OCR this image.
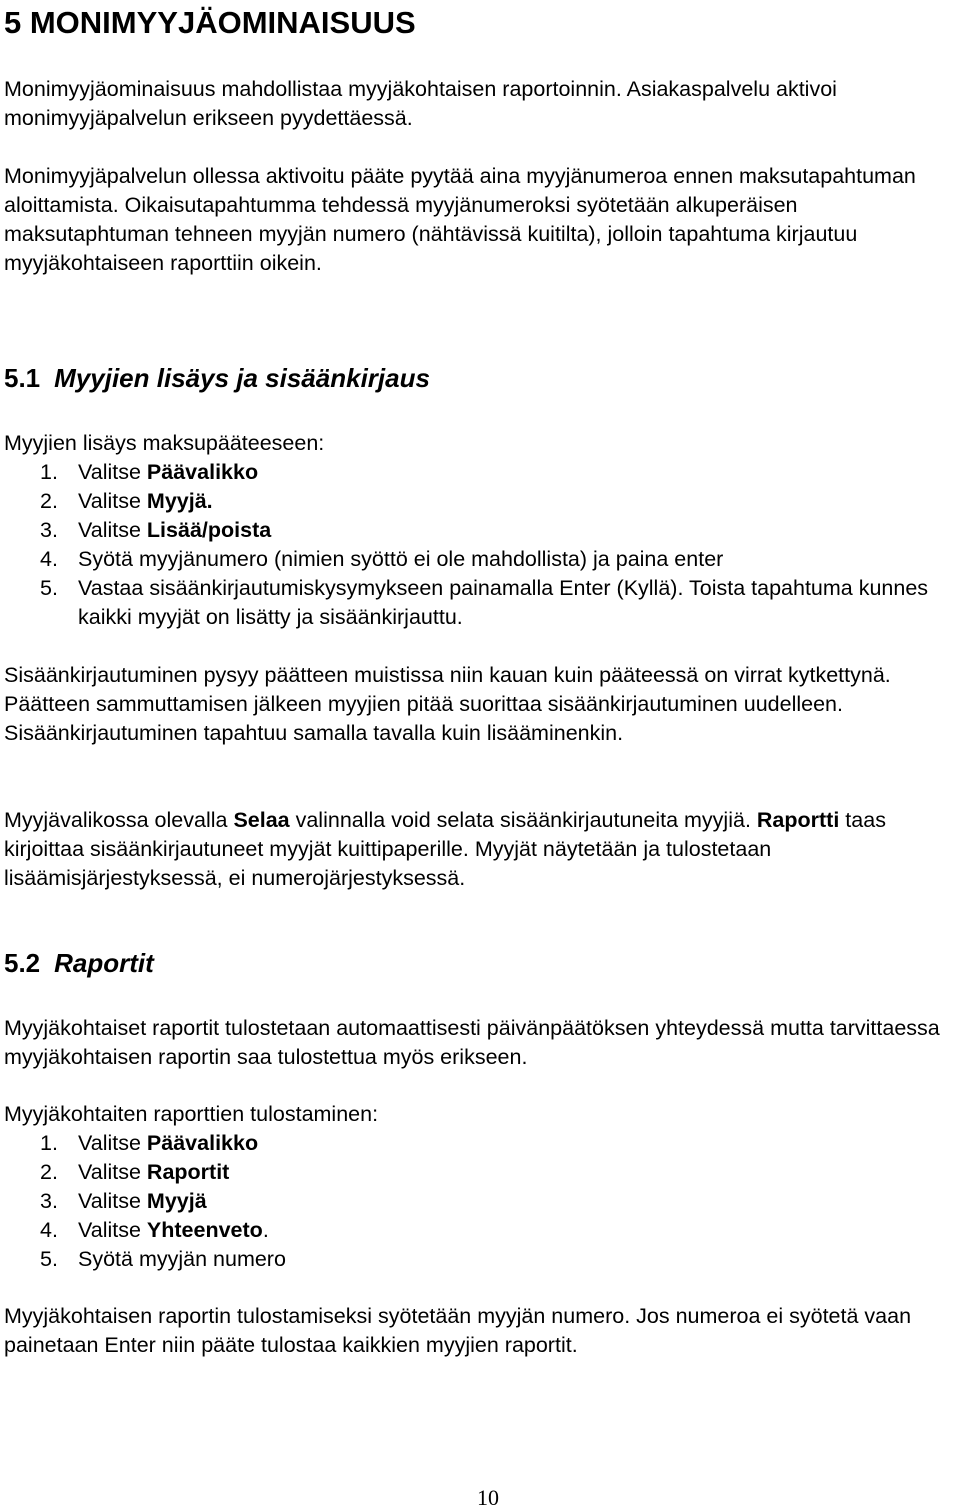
5 MONIMYYJÄOMINAISUUS

Monimyyjäominaisuus mahdollistaa myyjäkohtaisen raportoinnin. Asiakaspalvelu aktivoi monimyyjäpalvelun erikseen pyydettäessä.

Monimyyjäpalvelun ollessa aktivoitu pääte pyytää aina myyjänumeroa ennen maksutapahtuman aloittamista. Oikaisutapahtumma tehdessä myyjänumeroksi syötetään alkuperäisen maksutaphtuman tehneen myyjän numero (nähtävissä kuitilta), jolloin tapahtuma kirjautuu myyjäkohtaiseen raporttiin oikein.

5.1 Myyjien lisäys ja sisäänkirjaus

Myyjien lisäys maksupääteeseen:

1. Valitse Päävalikko
2. Valitse Myyjä.
3. Valitse Lisää/poista
4. Syötä myyjänumero (nimien syöttö ei ole mahdollista) ja paina enter
5. Vastaa sisäänkirjautumiskysymykseen painamalla Enter (Kyllä). Toista tapahtuma kunnes kaikki myyjät on lisätty ja sisäänkirjauttu.

Sisäänkirjautuminen pysyy päätteen muistissa niin kauan kuin pääteessä on virrat kytkettynä. Päätteen sammuttamisen jälkeen myyjien pitää suorittaa sisäänkirjautuminen uudelleen. Sisäänkirjautuminen tapahtuu samalla tavalla kuin lisääminenkin.

Myyjävalikossa olevalla Selaa valinnalla void selata sisäänkirjautuneita myyjiä. Raportti taas kirjoittaa sisäänkirjautuneet myyjät kuittipaperille. Myyjät näytetään ja tulostetaan lisäämisjärjestyksessä, ei numerojärjestyksessä.

5.2 Raportit

Myyjäkohtaiset raportit tulostetaan automaattisesti päivänpäätöksen yhteydessä mutta tarvittaessa myyjäkohtaisen raportin saa tulostettua myös erikseen.

Myyjäkohtaiten raporttien tulostaminen:

1. Valitse Päävalikko
2. Valitse Raportit
3. Valitse Myyjä
4. Valitse Yhteenveto.
5. Syötä myyjän numero

Myyjäkohtaisen raportin tulostamiseksi syötetään myyjän numero. Jos numeroa ei syötetä vaan painetaan Enter niin pääte tulostaa kaikkien myyjien raportit.

10
